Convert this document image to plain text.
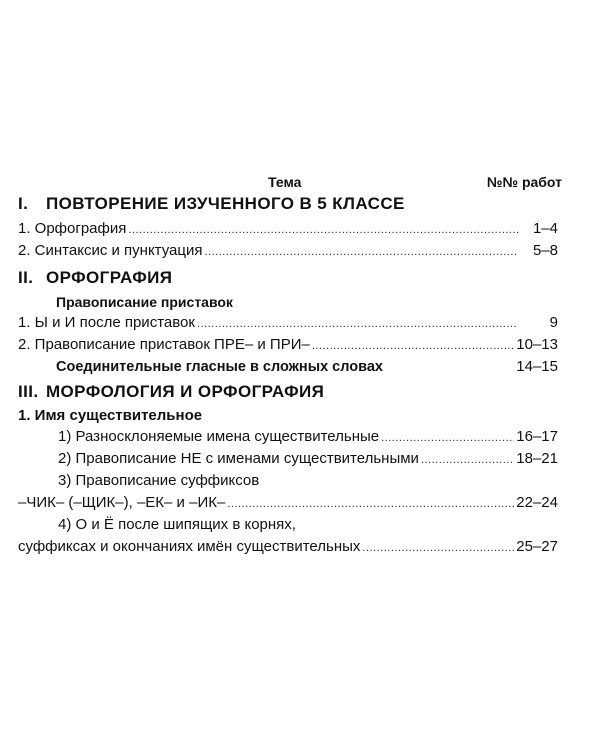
Тема	№№ работ
I.	ПОВТОРЕНИЕ ИЗУЧЕННОГО В 5 КЛАССЕ
1. Орфография .....	1–4
2. Синтаксис и пунктуация .....	5–8
II. ОРФОГРАФИЯ
Правописание приставок
1. Ы и И после приставок .....	9
2. Правописание приставок ПРЕ– и ПРИ– .....	10–13
Соединительные гласные в сложных словах	14–15
III. МОРФОЛОГИЯ И ОРФОГРАФИЯ
1. Имя существительное
1) Разносклоняемые имена существительные .....	16–17
2) Правописание НЕ с именами существительными .....	18–21
3) Правописание суффиксов
–ЧИК– (–ЩИК–), –ЕК– и –ИК– .....	22–24
4) О и Ё после шипящих в корнях,
суффиксах и окончаниях имён существительных .....	25–27
